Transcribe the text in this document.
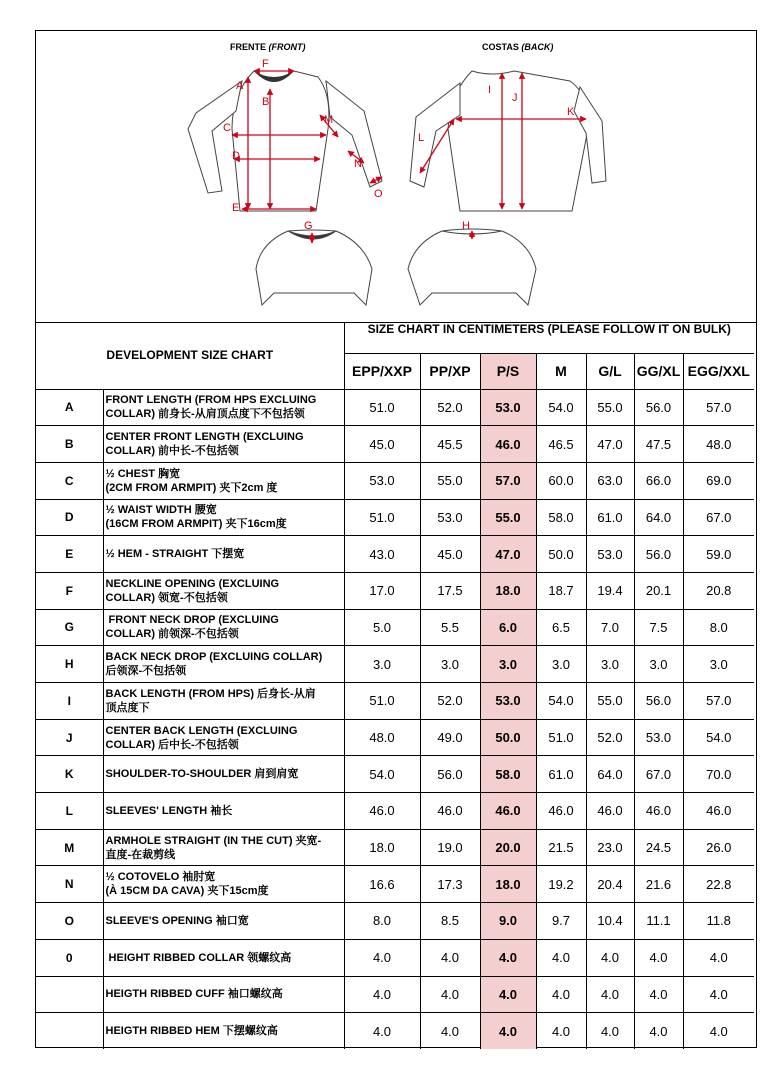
FRENTE (FRONT)	COSTAS (BACK)
F
A
B
C
M
D
N
O
E
G
I
J
K
L
H
DEVELOPMENT SIZE CHART		SIZE CHART IN CENTIMETERS (PLEASE FOLLOW IT ON BULK)						

		EPP/XXP	PP/XP	P/S	M	G/L	GG/XL	EGG/XXL
A	FRONT LENGTH (FROM HPS EXCLUING
COLLAR) 前身长-从肩顶点度下不包括领	51.0	52.0	53.0	54.0	55.0	56.0	57.0
B	CENTER FRONT LENGTH (EXCLUING
COLLAR) 前中长-不包括领	45.0	45.5	46.0	46.5	47.0	47.5	48.0
C	½ CHEST 胸宽
(2CM FROM ARMPIT) 夹下2cm 度	53.0	55.0	57.0	60.0	63.0	66.0	69.0
D	½ WAIST WIDTH 腰宽
(16CM FROM ARMPIT) 夹下16cm度	51.0	53.0	55.0	58.0	61.0	64.0	67.0
E	½ HEM - STRAIGHT 下摆宽	43.0	45.0	47.0	50.0	53.0	56.0	59.0
F	NECKLINE OPENING (EXCLUING
COLLAR) 领宽-不包括领	17.0	17.5	18.0	18.7	19.4	20.1	20.8
G	FRONT NECK DROP (EXCLUING
COLLAR) 前领深-不包括领	5.0	5.5	6.0	6.5	7.0	7.5	8.0
H	BACK NECK DROP (EXCLUING COLLAR)
后领深-不包括领	3.0	3.0	3.0	3.0	3.0	3.0	3.0
I	BACK LENGTH (FROM HPS) 后身长-从肩
顶点度下	51.0	52.0	53.0	54.0	55.0	56.0	57.0
J	CENTER BACK LENGTH (EXCLUING
COLLAR) 后中长-不包括领	48.0	49.0	50.0	51.0	52.0	53.0	54.0
K	SHOULDER-TO-SHOULDER 肩到肩宽	54.0	56.0	58.0	61.0	64.0	67.0	70.0
L	SLEEVES' LENGTH 袖长	46.0	46.0	46.0	46.0	46.0	46.0	46.0
M	ARMHOLE STRAIGHT (IN THE CUT) 夹宽-
直度-在裁剪线	18.0	19.0	20.0	21.5	23.0	24.5	26.0
N	½ COTOVELO 袖肘宽
(À 15CM DA CAVA) 夹下15cm度	16.6	17.3	18.0	19.2	20.4	21.6	22.8
O	SLEEVE'S OPENING 袖口宽	8.0	8.5	9.0	9.7	10.4	11.1	11.8
0	HEIGHT RIBBED COLLAR 领螺纹高	4.0	4.0	4.0	4.0	4.0	4.0	4.0

	HEIGTH RIBBED CUFF 袖口螺纹高	4.0	4.0	4.0	4.0	4.0	4.0	4.0

	HEIGTH RIBBED HEM 下摆螺纹高	4.0	4.0	4.0	4.0	4.0	4.0	4.0
